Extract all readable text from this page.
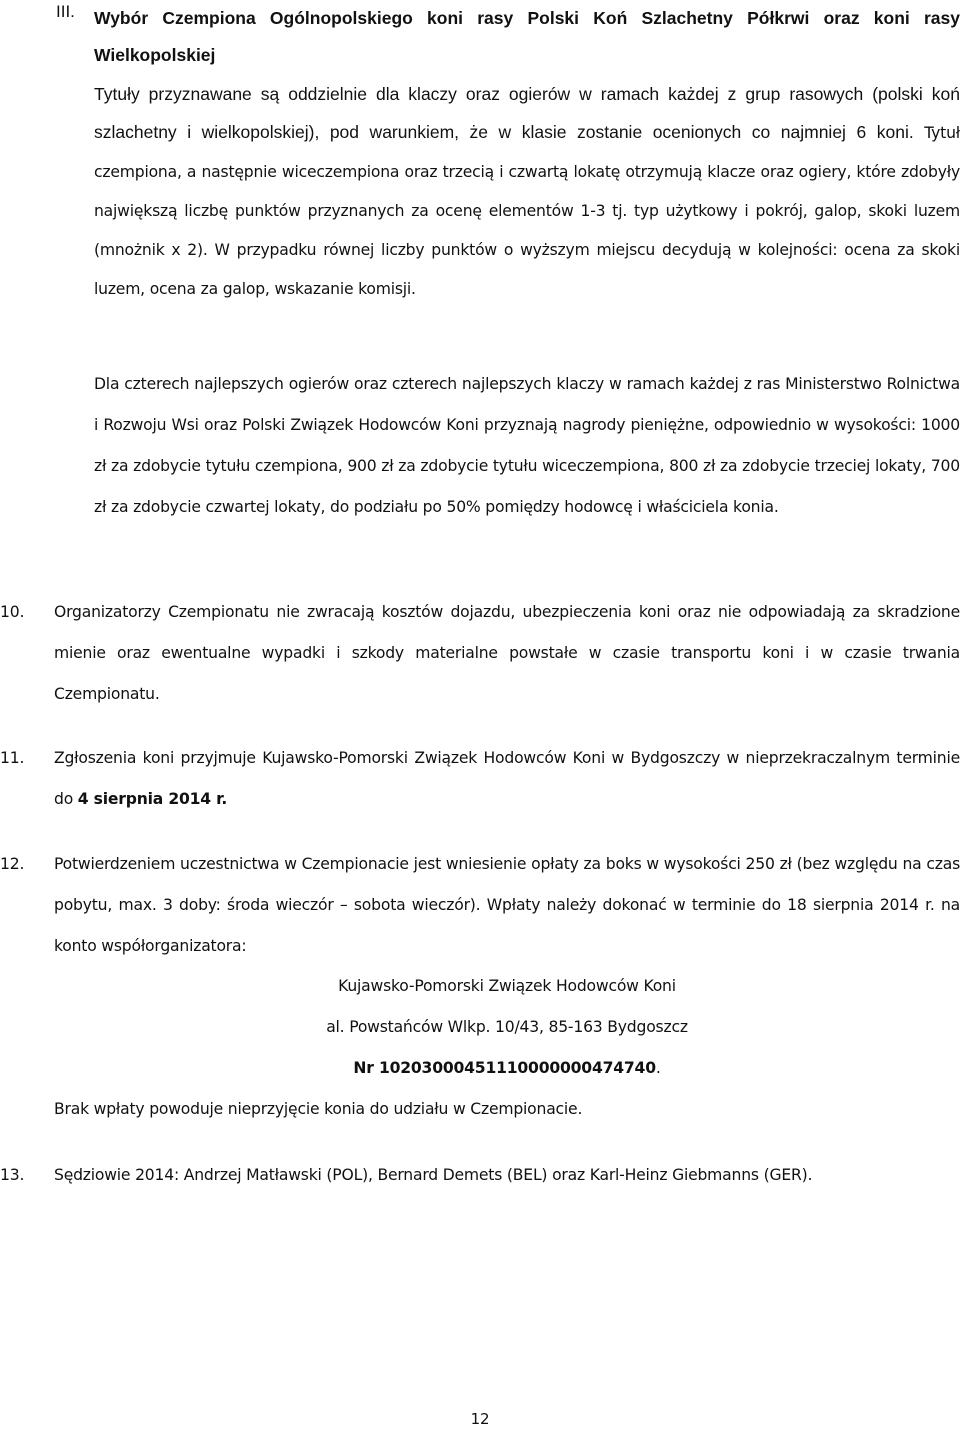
III. Wybór Czempiona Ogólnopolskiego koni rasy Polski Koń Szlachetny Półkrwi oraz koni rasy Wielkopolskiej
Tytuły przyznawane są oddzielnie dla klaczy oraz ogierów w ramach każdej z grup rasowych (polski koń szlachetny i wielkopolskiej), pod warunkiem, że w klasie zostanie ocenionych co najmniej 6 koni. Tytuł czempiona, a następnie wiceczempiona oraz trzecią i czwartą lokatę otrzymują klacze oraz ogiery, które zdobyły największą liczbę punktów przyznanych za ocenę elementów 1-3 tj. typ użytkowy i pokrój, galop, skoki luzem (mnożnik x 2). W przypadku równej liczby punktów o wyższym miejscu decydują w kolejności: ocena za skoki luzem, ocena za galop, wskazanie komisji.
Dla czterech najlepszych ogierów oraz czterech najlepszych klaczy w ramach każdej z ras Ministerstwo Rolnictwa i Rozwoju Wsi oraz Polski Związek Hodowców Koni przyznają nagrody pieniężne, odpowiednio w wysokości: 1000 zł za zdobycie tytułu czempiona, 900 zł za zdobycie tytułu wiceczempiona, 800 zł za zdobycie trzeciej lokaty, 700 zł za zdobycie czwartej lokaty, do podziału po 50% pomiędzy hodowcę i właściciela konia.
10.	Organizatorzy Czempionatu nie zwracają kosztów dojazdu, ubezpieczenia koni oraz nie odpowiadają za skradzione mienie oraz ewentualne wypadki i szkody materialne powstałe w czasie transportu koni i w czasie trwania Czempionatu.
11.	Zgłoszenia koni przyjmuje Kujawsko-Pomorski Związek Hodowców Koni w Bydgoszczy w nieprzekraczalnym terminie do 4 sierpnia 2014 r.
12.	Potwierdzeniem uczestnictwa w Czempionacie jest wniesienie opłaty za boks w wysokości 250 zł (bez względu na czas pobytu, max. 3 doby: środa wieczór – sobota wieczór). Wpłaty należy dokonać w terminie do 18 sierpnia 2014 r. na konto współorganizatora:
Kujawsko-Pomorski Związek Hodowców Koni
al. Powstańców Wlkp. 10/43, 85-163 Bydgoszcz
Nr 10203000451110000000474740.
Brak wpłaty powoduje nieprzyjęcie konia do udziału w Czempionacie.
13.	Sędziowie 2014: Andrzej Matławski (POL), Bernard Demets (BEL) oraz Karl-Heinz Giebmanns (GER).
12
